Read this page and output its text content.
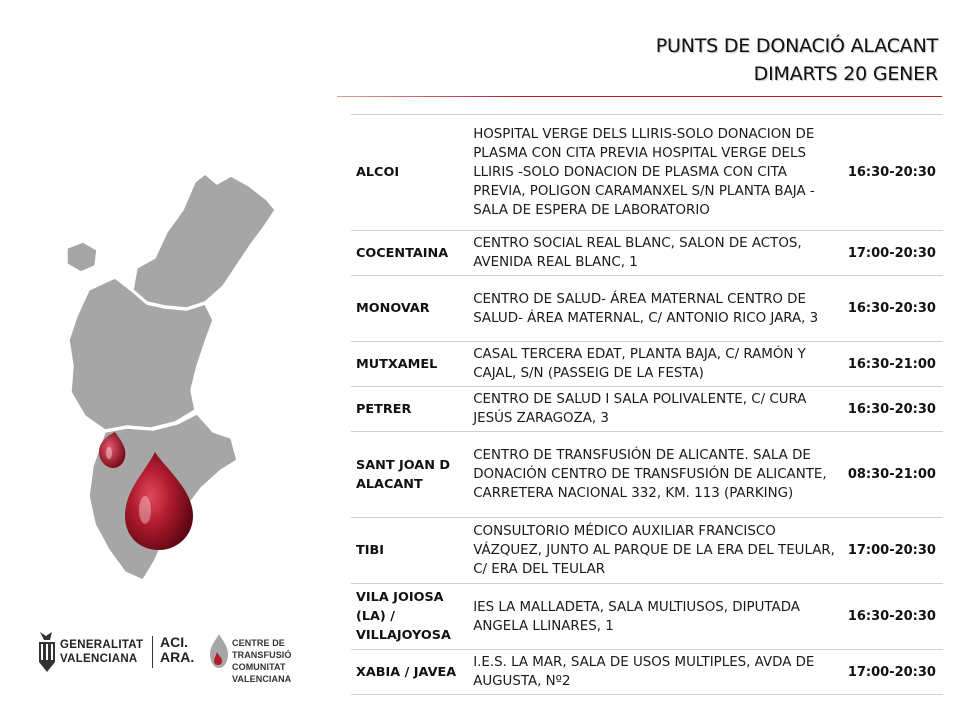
PUNTS DE DONACIÓ ALACANT
DIMARTS 20 GENER
ALCOI	HOSPITAL VERGE DELS LLIRIS-SOLO DONACION DE PLASMA CON CITA PREVIA HOSPITAL VERGE DELS LLIRIS -SOLO DONACION DE PLASMA CON CITA PREVIA, POLIGON CARAMANXEL S/N PLANTA BAJA - SALA DE ESPERA DE LABORATORIO	16:30-20:30
COCENTAINA	CENTRO SOCIAL REAL BLANC, SALON DE ACTOS, AVENIDA REAL BLANC, 1	17:00-20:30
MONOVAR	CENTRO DE SALUD- ÁREA MATERNAL CENTRO DE SALUD- ÁREA MATERNAL, C/ ANTONIO RICO JARA, 3	16:30-20:30
MUTXAMEL	CASAL TERCERA EDAT, PLANTA BAJA, C/ RAMÓN Y CAJAL, S/N (PASSEIG DE LA FESTA)	16:30-21:00
PETRER	CENTRO DE SALUD I SALA POLIVALENTE, C/ CURA JESÚS ZARAGOZA, 3	16:30-20:30
SANT JOAN D ALACANT	CENTRO DE TRANSFUSIÓN DE ALICANTE. SALA DE DONACIÓN CENTRO DE TRANSFUSIÓN DE ALICANTE, CARRETERA NACIONAL 332, KM. 113 (PARKING)	08:30-21:00
TIBI	CONSULTORIO MÉDICO AUXILIAR FRANCISCO VÁZQUEZ, JUNTO AL PARQUE DE LA ERA DEL TEULAR, C/ ERA DEL TEULAR	17:00-20:30
VILA JOIOSA (LA) / VILLAJOYOSA	IES LA MALLADETA, SALA MULTIUSOS, DIPUTADA ANGELA LLINARES, 1	16:30-20:30
XABIA / JAVEA	I.E.S. LA MAR, SALA DE USOS MULTIPLES, AVDA DE AUGUSTA, Nº2	17:00-20:30
GENERALITAT
VALENCIANA
ACI.
ARA.
CENTRE DE TRANSFUSIÓ
COMUNITAT VALENCIANA
